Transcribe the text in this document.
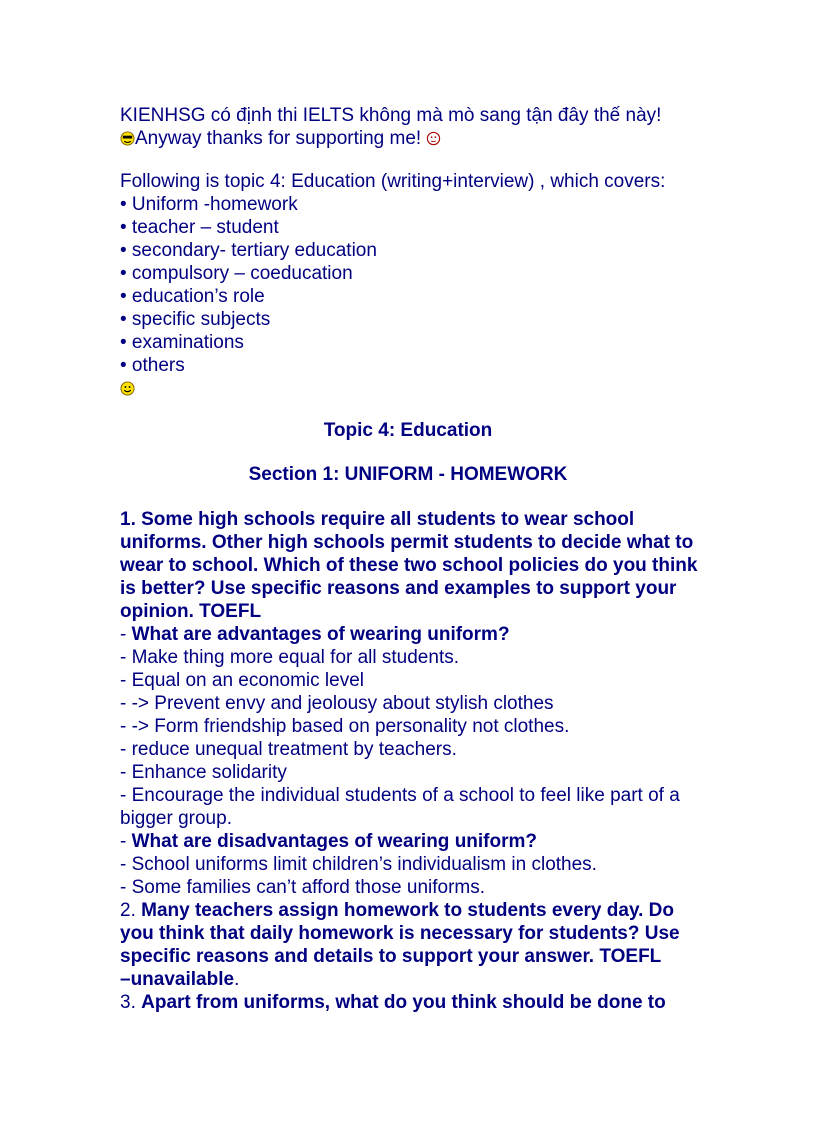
KIENHSG có định thi IELTS không mà mò sang tận đây thế này!
Anyway thanks for supporting me!
Following is topic 4: Education (writing+interview) , which covers:
• Uniform -homework
• teacher – student
• secondary- tertiary education
• compulsory – coeducation
• education’s role
• specific subjects
• examinations
• others
Topic 4: Education
Section 1: UNIFORM - HOMEWORK
1. Some high schools require all students to wear school
uniforms. Other high schools permit students to decide what to
wear to school. Which of these two school policies do you think
is better? Use specific reasons and examples to support your
opinion. TOEFL
- What are advantages of wearing uniform?
- Make thing more equal for all students.
- Equal on an economic level
- -> Prevent envy and jeolousy about stylish clothes
- -> Form friendship based on personality not clothes.
- reduce unequal treatment by teachers.
- Enhance solidarity
- Encourage the individual students of a school to feel like part of a
bigger group.
- What are disadvantages of wearing uniform?
- School uniforms limit children’s individualism in clothes.
- Some families can’t afford those uniforms.
2. Many teachers assign homework to students every day. Do
you think that daily homework is necessary for students? Use
specific reasons and details to support your answer. TOEFL
–unavailable.
3. Apart from uniforms, what do you think should be done to
